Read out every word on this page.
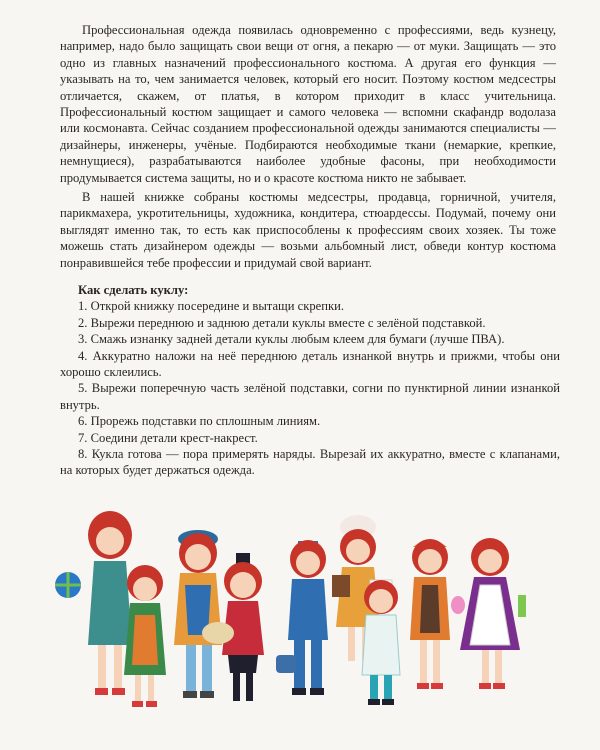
Профессиональная одежда появилась одновременно с профессиями, ведь кузнецу, например, надо было защищать свои вещи от огня, а пекарю — от муки. Защищать — это одно из главных назначений профессионального костюма. А другая его функция — указывать на то, чем занимается человек, который его носит. Поэтому костюм медсестры отличается, скажем, от платья, в котором приходит в класс учительница. Профессиональный костюм защищает и самого человека — вспомни скафандр водолаза или космонавта. Сейчас созданием профессиональной одежды занимаются специалисты — дизайнеры, инженеры, учёные. Подбираются необходимые ткани (немаркие, крепкие, немнущиеся), разрабатываются наиболее удобные фасоны, при необходимости продумывается система защиты, но и о красоте костюма никто не забывает.

В нашей книжке собраны костюмы медсестры, продавца, горничной, учителя, парикмахера, укротительницы, художника, кондитера, стюардессы. Подумай, почему они выглядят именно так, то есть как приспособлены к профессиям своих хозяек. Ты тоже можешь стать дизайнером одежды — возьми альбомный лист, обведи контур костюма понравившейся тебе профессии и придумай свой вариант.

Как сделать куклу:
1. Открой книжку посередине и вытащи скрепки.
2. Вырежи переднюю и заднюю детали куклы вместе с зелёной подставкой.
3. Смажь изнанку задней детали куклы любым клеем для бумаги (лучше ПВА).
4. Аккуратно наложи на неё переднюю деталь изнанкой внутрь и прижми, чтобы они хорошо склеились.
5. Вырежи поперечную часть зелёной подставки, согни по пунктирной линии изнанкой внутрь.
6. Прорежь подставки по сплошным линиям.
7. Соедини детали крест-накрест.
8. Кукла готова — пора примерять наряды. Вырезай их аккуратно, вместе с клапанами, на которых будет держаться одежда.
